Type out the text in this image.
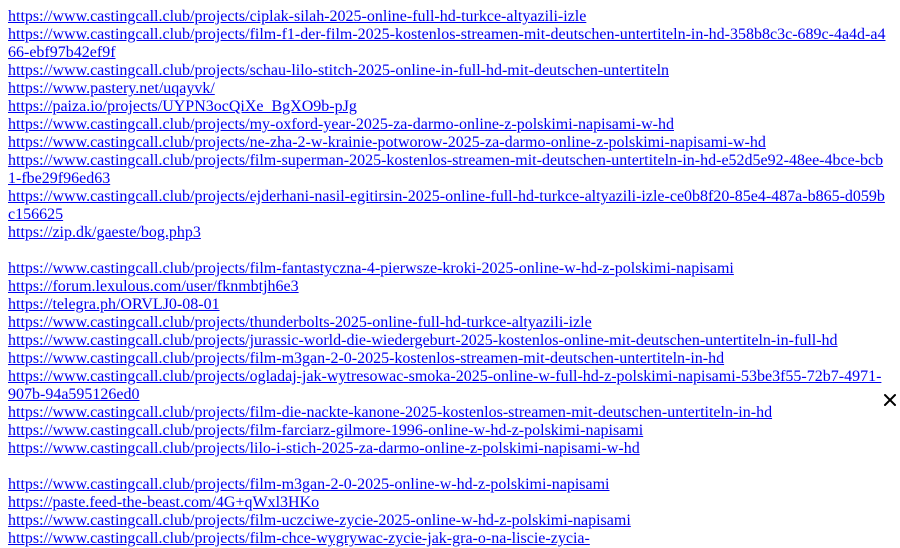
https://www.castingcall.club/projects/ciplak-silah-2025-online-full-hd-turkce-altyazili-izle
https://www.castingcall.club/projects/film-f1-der-film-2025-kostenlos-streamen-mit-deutschen-untertiteln-in-hd-358b8c3c-689c-4a4d-a466-ebf97b42ef9f
https://www.castingcall.club/projects/schau-lilo-stitch-2025-online-in-full-hd-mit-deutschen-untertiteln
https://www.pastery.net/uqayvk/
https://paiza.io/projects/UYPN3ocQiXe_BgXO9b-pJg
https://www.castingcall.club/projects/my-oxford-year-2025-za-darmo-online-z-polskimi-napisami-w-hd
https://www.castingcall.club/projects/ne-zha-2-w-krainie-potworow-2025-za-darmo-online-z-polskimi-napisami-w-hd
https://www.castingcall.club/projects/film-superman-2025-kostenlos-streamen-mit-deutschen-untertiteln-in-hd-e52d5e92-48ee-4bce-bcb1-fbe29f96ed63
https://www.castingcall.club/projects/ejderhani-nasil-egitirsin-2025-online-full-hd-turkce-altyazili-izle-ce0b8f20-85e4-487a-b865-d059bc156625
https://zip.dk/gaeste/bog.php3
https://www.castingcall.club/projects/film-fantastyczna-4-pierwsze-kroki-2025-online-w-hd-z-polskimi-napisami
https://forum.lexulous.com/user/fknmbtjh6e3
https://telegra.ph/ORVLJ0-08-01
https://www.castingcall.club/projects/thunderbolts-2025-online-full-hd-turkce-altyazili-izle
https://www.castingcall.club/projects/jurassic-world-die-wiedergeburt-2025-kostenlos-online-mit-deutschen-untertiteln-in-full-hd
https://www.castingcall.club/projects/film-m3gan-2-0-2025-kostenlos-streamen-mit-deutschen-untertiteln-in-hd
https://www.castingcall.club/projects/ogladaj-jak-wytresowac-smoka-2025-online-w-full-hd-z-polskimi-napisami-53be3f55-72b7-4971-907b-94a595126ed0
https://www.castingcall.club/projects/film-die-nackte-kanone-2025-kostenlos-streamen-mit-deutschen-untertiteln-in-hd
https://www.castingcall.club/projects/film-farciarz-gilmore-1996-online-w-hd-z-polskimi-napisami
https://www.castingcall.club/projects/lilo-i-stich-2025-za-darmo-online-z-polskimi-napisami-w-hd
https://www.castingcall.club/projects/film-m3gan-2-0-2025-online-w-hd-z-polskimi-napisami
https://paste.feed-the-beast.com/4G+qWxl3HKo
https://www.castingcall.club/projects/film-uczciwe-zycie-2025-online-w-hd-z-polskimi-napisami
https://www.castingcall.club/projects/film-chce-wygrywac-zycie-jak-gra-o-na-liscie-zycia-
